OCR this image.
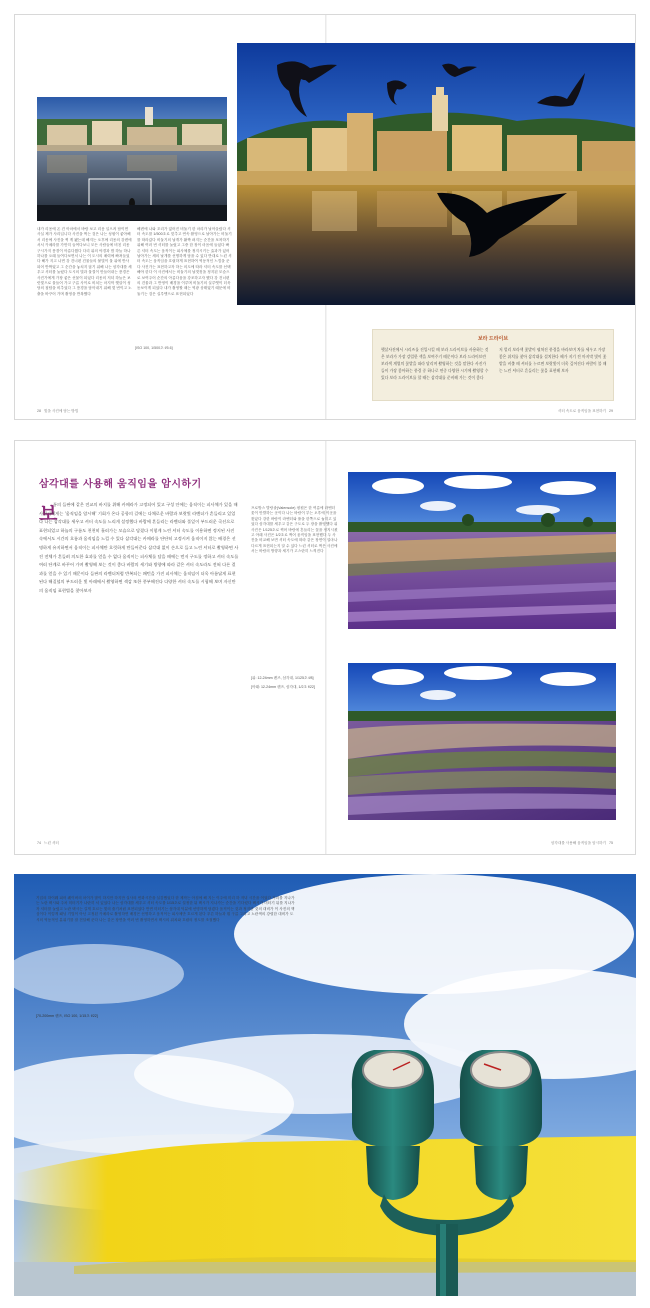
내가 리옹에 온 건 아마에서 바람 보고 리옹 일으켜 담이면 사실 제가 사리입니다 사진을 찍는 것은 나는 성원이 좋아해서 리옹에 사진을 찍 게 됐는데 해지는 오후에 리옹의 강변에 서서 카메라를 가만히 들여다보니 모든 사람들에 비친 리옹 구시가지 풍경이 아름다웠다 다리 위의 야경과 밤 하늘 하나하나를 오래 들여다보면서 나는 이 도시의 매력에 빠져들었다 해가 지고 나면 강 건너편 건물들의 불빛이 물 위에 반사되어 반짝였고 그 순간을 놓치지 않기 위해 나는 삼각대를 세우고 셔터를 눌렀다 도시의 빛과 물결이 만들어내는 풍경은 사진가에게 가장 좋은 선물이 되었다 리옹의 저녁 하늘은 보랏빛으로 물들어 가고 구름 사이로 비치는 마지막 햇살이 성당의 첨탑을 비추었다 그 풍경을 담아내기 위해 몇 번이고 노출을 바꾸어 가며 촬영을 반복했다

해변에 나와 꼬리가 없어진 비둘기 한 마리가 날아올랐다 셔터 속도를 1/500초로 맞추고 연속 촬영으로 날아가는 비둘기를 따라갔다 비둘기의 날개가 활짝 펴지는 순간을 포착하기 위해 여러 번 셔터를 눌렀고 그중 한 장이 마음에 들었다 빠른 셔터 속도는 움직이는 피사체를 정지시키는 효과가 있어 날아가는 새의 날개를 선명하게 담을 수 있다 반대로 느린 셔터 속도는 움직임을 흐릿하게 표현하여 역동적인 느낌을 준다 사진가는 표현하고자 하는 의도에 따라 셔터 속도를 선택해야 한다 이 사진에서는 비둘기의 날갯짓을 정지된 모습으로 보여주어 순간의 아름다움을 강조하고자 했다 강 건너편의 건물과 그 반영이 배경을 이루며 비둘기의 실루엣이 더욱 돋보이게 되었다 내가 촬영할 때는 역광 상태였기 때문에 비둘기는 검은 실루엣으로 표현되었다

[ISO 100, 1/500초 f/5.6]
보라 드라이브
햇살사진에서 시리즈를 진입시킬 때 보라 드라이브를 사용하는 것은 보라가 가장 강렬한 색을 보여주기 때문이다 보라 드라이브란 보라색 계열의 꽃밭을 따라 달리며 촬영하는 것을 말한다 사진가들이 가장 좋아하는 풍경 중 하나로 연중 다양한 시기에 촬영할 수 있다 보라 드라이브를 할 때는 삼각대를 준비해 가는 것이 좋다
저 멀리 보라색 꽃밭이 펼쳐진 풍경을 바라보며 차를 세우고 가장 좋은 위치를 찾아 삼각대를 설치한다 해가 지기 전 마지막 빛이 꽃밭을 비출 때 셔터를 누르면 보랏빛이 더욱 깊어진다 바람이 불 때는 느린 셔터로 흔들리는 꽃을 표현해 보자
28 빛을 사진에 담는 방법	셔터 속도로 움직임을 표현하기 29
삼각대를 사용해 움직임을 암시하기
보

통의 들판에 같은 전교의 바지를 위해 카메라가 고정되어 있고 구성 안에는 움직이는 피사체가 있을 때 사진가에게는 '움직임을 암시해' 기회가 온다 공항의 길에는 다채로운 바람과 보랏빛 라벤더가 흔들리고 있었다 나는 삼각대를 세우고 셔터 속도를 느리게 설정했다 바람에 흔들리는 라벤더와 풀잎이 부드러운 곡선으로 표현되었고 하늘의 구름도 천천히 흘러가는 모습으로 담겼다 이렇게 느린 셔터 속도를 이용하면 정지된 사진 속에서도 시간의 흐름과 움직임을 느낄 수 있다 삼각대는 카메라를 단단히 고정시켜 움직이지 않는 배경은 선명하게 유지하면서 움직이는 피사체만 흐릿하게 만들어준다 삼각대 없이 손으로 들고 느린 셔터로 촬영하면 사진 전체가 흔들려 의도한 효과를 얻을 수 없다 움직이는 피사체를 담을 때에는 먼저 구도를 정하고 셔터 속도를 여러 단계로 바꾸어 가며 촬영해 보는 것이 좋다 바람의 세기와 방향에 따라 같은 셔터 속도라도 전혀 다른 결과를 얻을 수 있기 때문이다 들판의 라벤더처럼 반복되는 패턴을 가진 피사체는 움직임이 더욱 아름답게 표현된다 해질녘의 부드러운 빛 아래에서 촬영하면 색감 또한 풍부해진다 다양한 셔터 속도를 시험해 보며 자신만의 움직임 표현법을 찾아보자

프로방스 발랑솔(Valensole) 평원은 한 여름에 라벤더 꽃이 만발하는 곳이다 나는 바람이 부는 오후에 이곳을 찾았다 강한 바람이 라벤더와 풀을 한쪽으로 눕히고 있었다 삼각대를 세우고 같은 구도로 두 장을 촬영했다 위 사진은 1/125초로 찍어 바람에 흔들리는 꽃을 정지시켰고 아래 사진은 1/2초로 찍어 움직임을 표현했다 두 사진을 비교해 보면 셔터 속도에 따라 같은 장면이 얼마나 다르게 표현되는지 알 수 있다 느린 셔터로 찍은 사진에서는 바람의 방향과 세기가 고스란히 느껴진다

[위: 12-24mm 렌즈, 삼각대, 1/125초 f/8]
[아래: 12-24mm 렌즈, 삼각대, 1/2초 f/22]
74 느린 셔터	삼각대를 사용해 움직임을 암시하기 75

기업의 하이웨 피어 퀘이버의 차이가 많이 하지만 하지만 실사의 빈화시간을 실감했었다 한 제작는 아침에 해 지는 이주에 미리 하 저녁 시간을 이었다 거리를 지나가는 노란 택시와 주차 미터기가 나란히 서 있었다 나는 삼각대를 세우고 셔터 속도를 1/15초로 설정한 뒤 택시가 지나가는 순간을 기다렸다 택시가 미터기 뒤를 지나가자 셔터를 눌렀고 노란 택시는 길게 흐르는 빛의 줄기처럼 표현되었다 반면 미터기는 삼각대 덕분에 선명하게 담겼다 움직이는 것과 정지한 것의 대비가 이 사진의 핵심이다 이렇게 패닝 기법이 아닌 고정된 카메라로 촬영하면 배경은 선명하고 움직이는 피사체만 흐르게 된다 푸른 하늘과 흰 구름 그리고 노란색의 강렬한 대비가 도시의 역동적인 분위기를 잘 전달해 준다 나는 같은 장면을 여러 번 촬영하면서 택시의 위치와 흐림의 정도를 조절했다

[70-200mm 렌즈, ISO 100, 1/15초 f/22]
